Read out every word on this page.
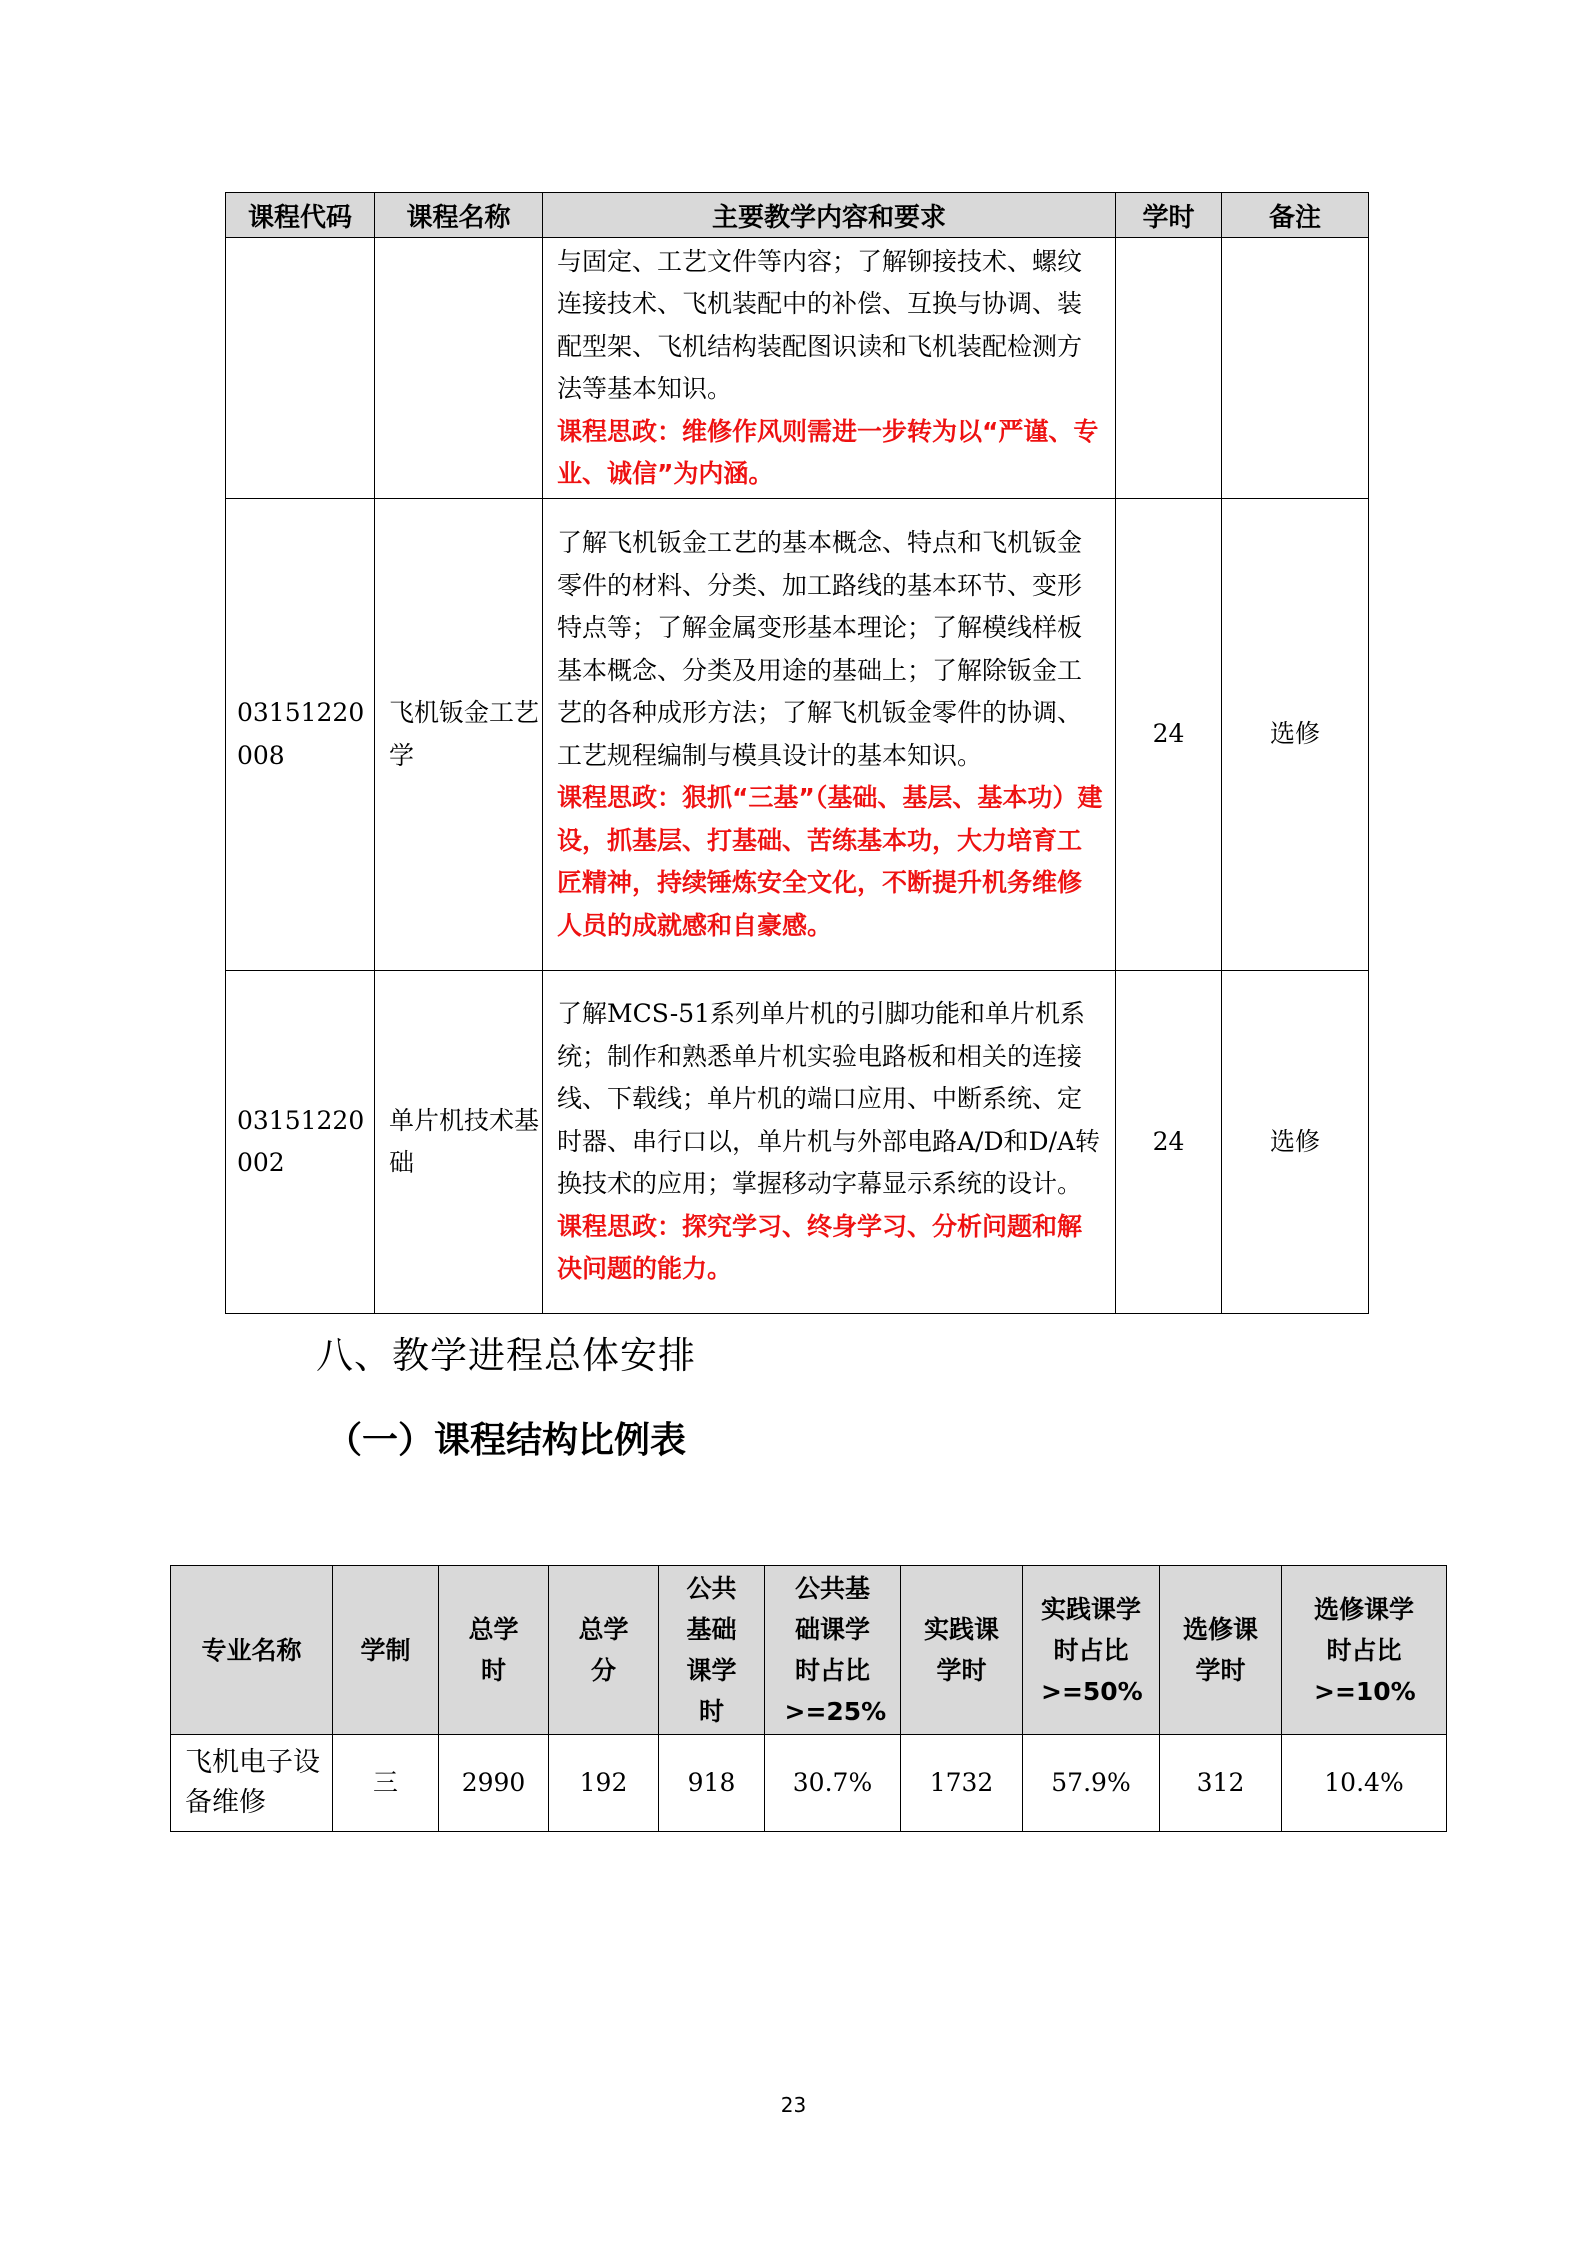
课程代码	课程名称	主要教学内容和要求	学时	备注

		与固定、工艺文件等内容；了解铆接技术、螺纹连接技术、飞机装配中的补偿、互换与协调、装配型架、飞机结构装配图识读和飞机装配检测方法等基本知识。
课程思政：维修作风则需进一步转为以“严谨、专业、诚信”为内涵。		

03151220008	飞机钣金工艺学	了解飞机钣金工艺的基本概念、特点和飞机钣金零件的材料、分类、加工路线的基本环节、变形特点等；了解金属变形基本理论；了解模线样板基本概念、分类及用途的基础上；了解除钣金工艺的各种成形方法；了解飞机钣金零件的协调、工艺规程编制与模具设计的基本知识。
课程思政：狠抓“三基”（基础、基层、基本功）建设，抓基层、打基础、苦练基本功，大力培育工匠精神，持续锤炼安全文化，不断提升机务维修人员的成就感和自豪感。	24	选修
03151220002	单片机技术基础	了解MCS-51系列单片机的引脚功能和单片机系统；制作和熟悉单片机实验电路板和相关的连接线、下载线；单片机的端口应用、中断系统、定时器、串行口以，单片机与外部电路A/D和D/A转换技术的应用；掌握移动字幕显示系统的设计。
课程思政：探究学习、终身学习、分析问题和解决问题的能力。	24	选修
八、教学进程总体安排
（一）课程结构比例表
专业名称	学制	总学时	总学分	公共基础课学时	公共基础课学时占比>=25%	实践课学时	实践课学时占比>=50%	选修课学时	选修课学时占比>=10%
飞机电子设备维修	三	2990	192	918	30.7%	1732	57.9%	312	10.4%
23
